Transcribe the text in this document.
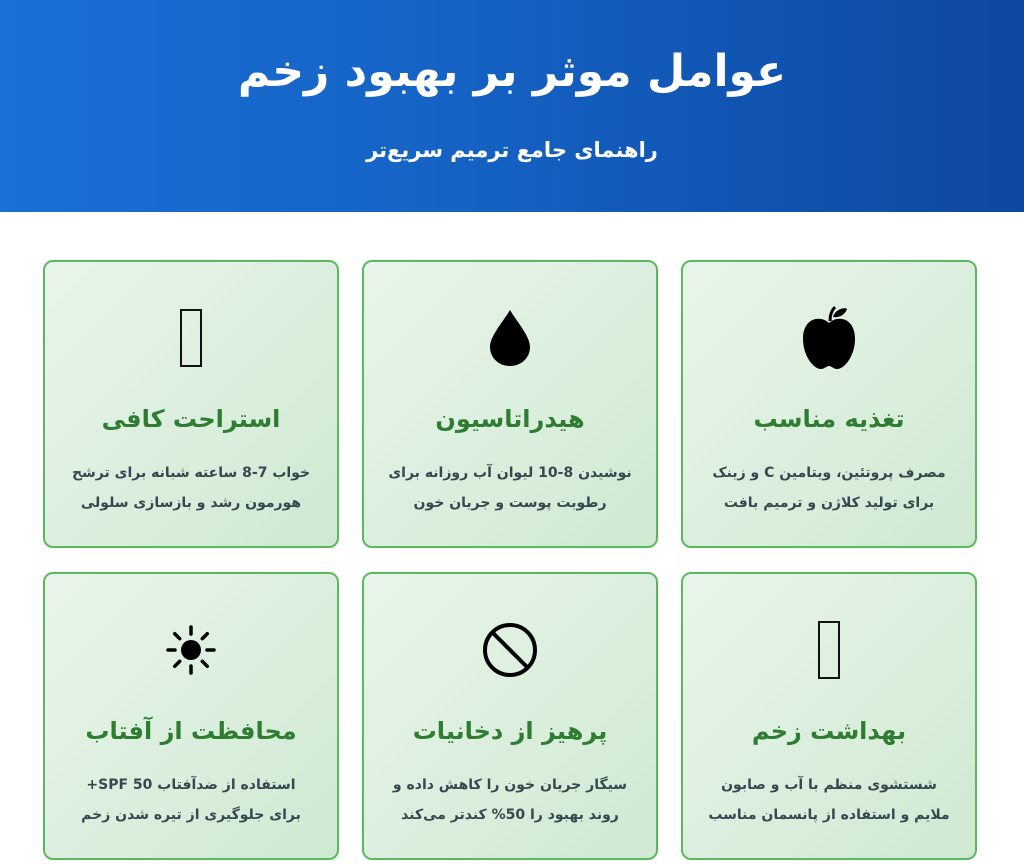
عوامل موثر بر بهبود زخم
راهنمای جامع ترمیم سریع‌تر
تغذیه مناسب

مصرف پروتئین، ویتامین C و زینک برای تولید کلاژن و ترمیم بافت

هیدراتاسیون

نوشیدن 8-10 لیوان آب روزانه برای رطوبت پوست و جریان خون

استراحت کافی

خواب 7-8 ساعته شبانه برای ترشح هورمون رشد و بازسازی سلولی

بهداشت زخم

شستشوی منظم با آب و صابون ملایم و استفاده از پانسمان مناسب

پرهیز از دخانیات

سیگار جریان خون را کاهش داده و روند بهبود را 50% کندتر می‌کند

محافظت از آفتاب

استفاده از ضدآفتاب SPF 50+ برای جلوگیری از تیره شدن زخم
